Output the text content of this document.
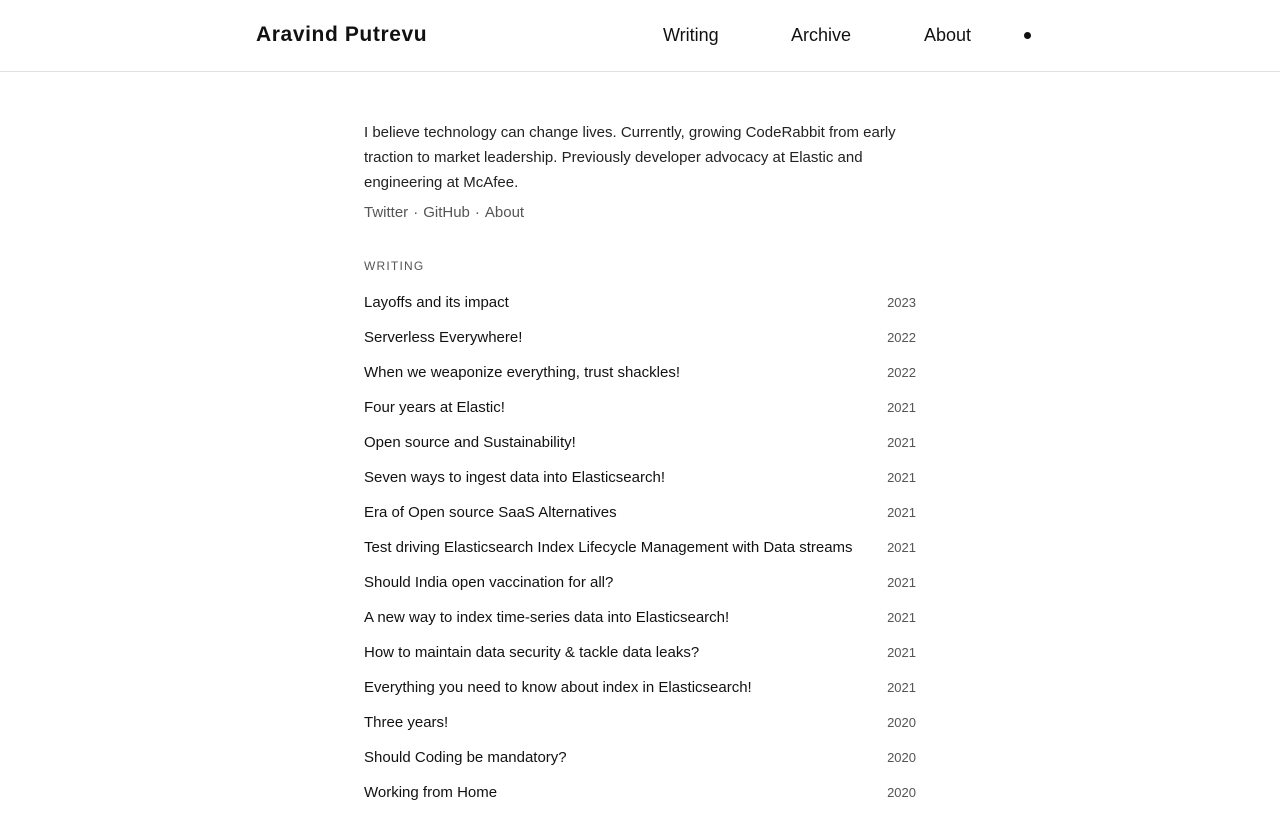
Aravind Putrevu	Writing	Archive	About

I believe technology can change lives. Currently, growing CodeRabbit from early traction to market leadership. Previously developer advocacy at Elastic and engineering at McAfee.

Twitter · GitHub · About
WRITING
Layoffs and its impact	2023
Serverless Everywhere!	2022
When we weaponize everything, trust shackles!	2022
Four years at Elastic!	2021
Open source and Sustainability!	2021
Seven ways to ingest data into Elasticsearch!	2021
Era of Open source SaaS Alternatives	2021
Test driving Elasticsearch Index Lifecycle Management with Data streams	2021
Should India open vaccination for all?	2021
A new way to index time-series data into Elasticsearch!	2021
How to maintain data security & tackle data leaks?	2021
Everything you need to know about index in Elasticsearch!	2021
Three years!	2020
Should Coding be mandatory?	2020
Working from Home	2020
